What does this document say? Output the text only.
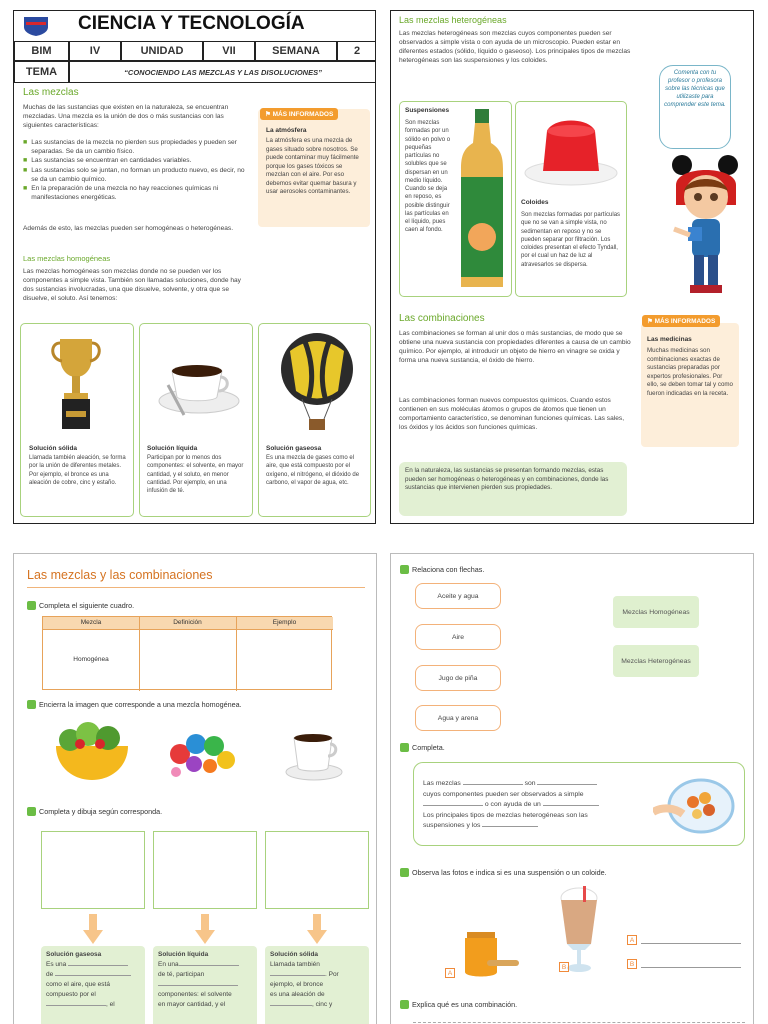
CIENCIA Y TECNOLOGÍA
BIM	IV	UNIDAD	VII	SEMANA	2
TEMA	“CONOCIENDO LAS MEZCLAS Y LAS DISOLUCIONES”
Las mezclas
Muchas de las sustancias que existen en la naturaleza, se encuentran mezcladas. Una mezcla es la unión de dos o más sustancias con las siguientes características:
■ Las sustancias de la mezcla no pierden sus propiedades y pueden ser separadas. Se da un cambio físico.
■ Las sustancias se encuentran en cantidades variables.
■ Las sustancias solo se juntan, no forman un producto nuevo, es decir, no se da un cambio químico.
■ En la preparación de una mezcla no hay reacciones químicas ni manifestaciones energéticas.
Además de esto, las mezclas pueden ser homogéneas o heterogéneas.
Las mezclas homogéneas
Las mezclas homogéneas son mezclas donde no se pueden ver los componentes a simple vista. También son llamadas soluciones, donde hay dos sustancias involucradas, una que disuelve, solvente, y otra que se disuelve, el soluto. Así tenemos:
⚑ MÁS INFORMADOS
La atmósfera
La atmósfera es una mezcla de gases situado sobre nosotros. Se puede contaminar muy fácilmente porque los gases tóxicos se mezclan con el aire. Por eso debemos evitar quemar basura y usar aerosoles contaminantes.
Solución sólida
Llamada también aleación, se forma por la unión de diferentes metales. Por ejemplo, el bronce es una aleación de cobre, cinc y estaño.
Solución líquida
Participan por lo menos dos componentes: el solvente, en mayor cantidad, y el soluto, en menor cantidad. Por ejemplo, en una infusión de té.
Solución gaseosa
Es una mezcla de gases como el aire, que está compuesto por el oxígeno, el nitrógeno, el dióxido de carbono, el vapor de agua, etc.
Las mezclas heterogéneas
Las mezclas heterogéneas son mezclas cuyos componentes pueden ser observados a simple vista o con ayuda de un microscopio. Pueden estar en diferentes estados (sólido, líquido o gaseoso). Los principales tipos de mezclas heterogéneas son las suspensiones y los coloides.
Suspensiones
Son mezclas formadas por un sólido en polvo o pequeñas partículas no solubles que se dispersan en un medio líquido. Cuando se deja en reposo, es posible distinguir las partículas en el líquido, pues caen al fondo.
Coloides
Son mezclas formadas por partículas que no se van a simple vista, no sedimentan en reposo y no se pueden separar por filtración. Los coloides presentan el efecto Tyndall, por el cual un haz de luz al atravesarlos se dispersa.
Comenta con tu profesor o profesora sobre las técnicas que utilizaste para comprender este tema.
Las combinaciones
Las combinaciones se forman al unir dos o más sustancias, de modo que se obtiene una nueva sustancia con propiedades diferentes a causa de un cambio químico. Por ejemplo, al introducir un objeto de hierro en vinagre se oxida y forma una nueva sustancia, el óxido de hierro.
Las combinaciones forman nuevos compuestos químicos. Cuando estos contienen en sus moléculas átomos o grupos de átomos que tienen un comportamiento característico, se denominan funciones químicas. Las sales, los óxidos y los ácidos son funciones químicas.
⚑ MÁS INFORMADOS
Las medicinas
Muchas medicinas son combinaciones exactas de sustancias preparadas por expertos profesionales. Por ello, se deben tomar tal y como fueron indicadas en la receta.
En la naturaleza, las sustancias se presentan formando mezclas, estas pueden ser homogéneas o heterogéneas y en combinaciones, donde las sustancias que intervienen pierden sus propiedades.
Las mezclas y las combinaciones
Completa el siguiente cuadro.
Mezcla	Definición	Ejemplo
Homogénea
Encierra la imagen que corresponde a una mezcla homogénea.
Completa y dibuja según corresponda.
Solución gaseosa
Es una
de
como el aire, que está
compuesto por el
, el
Solución líquida
En una
de té, participan
componentes: el solvente
en mayor cantidad, y el
Solución sólida
Llamada también
. Por
ejemplo, el bronce
es una aleación de
, cinc y
Relaciona con flechas.
Aceite y agua
Aire
Jugo de piña
Agua y arena
Mezclas Homogéneas
Mezclas Heterogéneas
Completa.
Las mezclas	son
cuyos componentes pueden ser observados a simple
o con ayuda de un
Los principales tipos de mezclas heterogéneas son las
suspensiones y los
Observa las fotos e indica si es una suspensión o un coloide.
A
B
A
B
Explica qué es una combinación.
